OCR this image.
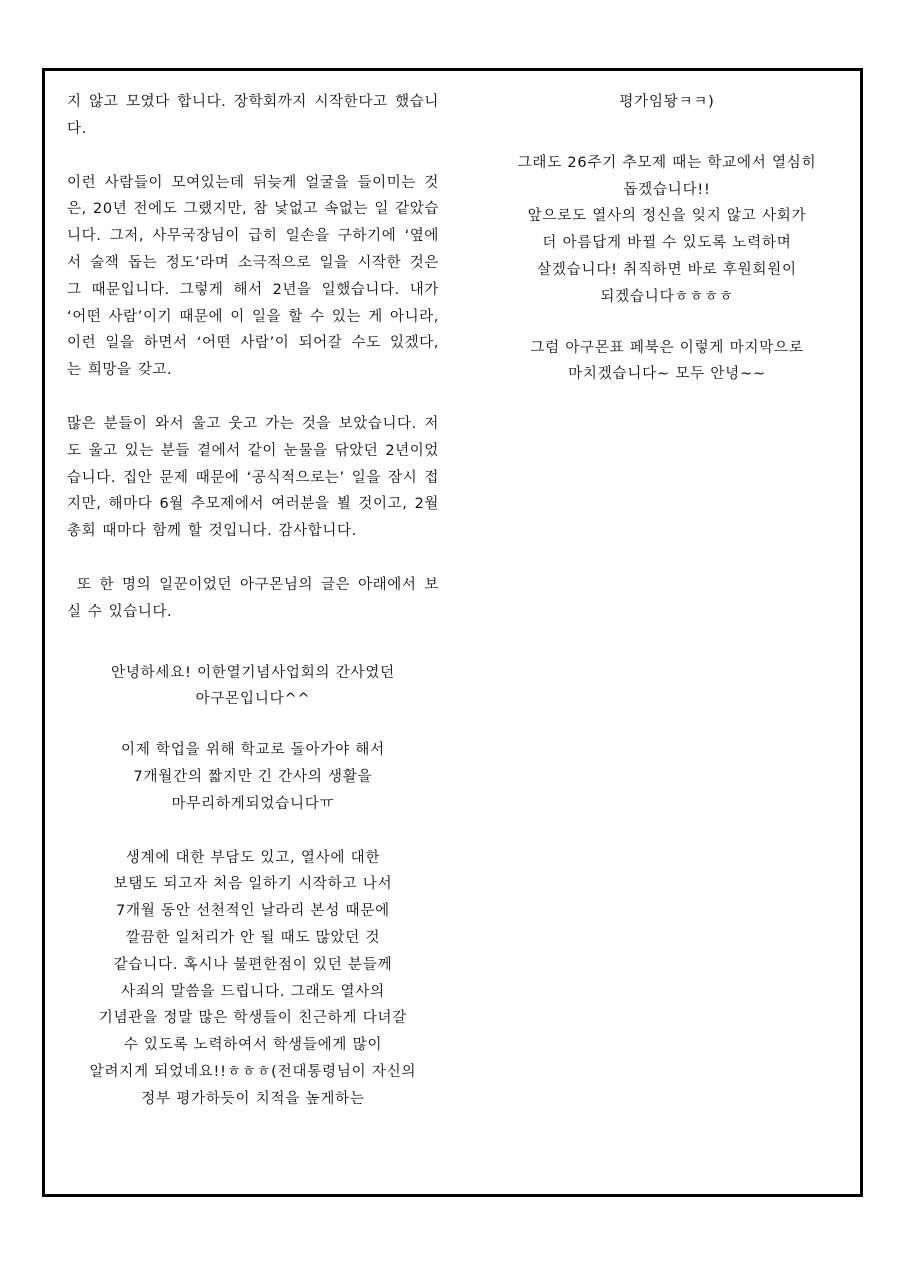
지 않고 모였다 합니다. 장학회까지 시작한다고 했습니다.

이런 사람들이 모여있는데 뒤늦게 얼굴을 들이미는 것은, 20년 전에도 그랬지만, 참 낯없고 속없는 일 같았습니다. 그저, 사무국장님이 급히 일손을 구하기에 ‘옆에서 술잭 돕는 정도’라며 소극적으로 일을 시작한 것은 그 때문입니다. 그렇게 해서 2년을 일했습니다. 내가 ‘어떤 사람’이기 때문에 이 일을 할 수 있는 게 아니라, 이런 일을 하면서 ‘어떤 사람’이 되어갈 수도 있겠다, 는 희망을 갖고.

많은 분들이 와서 울고 웃고 가는 것을 보았습니다. 저도 울고 있는 분들 곁에서 같이 눈물을 닦았던 2년이었습니다. 집안 문제 때문에 ‘공식적으로는’ 일을 잠시 접지만, 해마다 6월 추모제에서 여러분을 뵐 것이고, 2월 총회 때마다 함께 할 것입니다. 감사합니다.

또 한 명의 일꾼이었던 아구몬님의 글은 아래에서 보실 수 있습니다.

안녕하세요! 이한열기념사업회의 간사였던
아구몬입니다^^

이제 학업을 위해 학교로 돌아가야 해서
7개월간의 짧지만 긴 간사의 생활을
마무리하게되었습니다ㅠ

생계에 대한 부담도 있고, 열사에 대한
보탬도 되고자 처음 일하기 시작하고 나서
7개월 동안 선천적인 날라리 본성 때문에
깔끔한 일처리가 안 될 때도 많았던 것
같습니다. 혹시나 불편한점이 있던 분들께
사죄의 말씀을 드립니다. 그래도 열사의
기념관을 정말 많은 학생들이 친근하게 다녀갈
수 있도록 노력하여서 학생들에게 많이
알려지게 되었네요!!ㅎㅎㅎ(전대통령님이 자신의
정부 평가하듯이 치적을 높게하는

평가임돵ㅋㅋ)

그래도 26주기 추모제 때는 학교에서 열심히
돕겠습니다!!
앞으로도 열사의 정신을 잊지 않고 사회가
더 아름답게 바뀔 수 있도록 노력하며
살겠습니다! 취직하면 바로 후원회원이
되겠습니다ㅎㅎㅎㅎ

그럼 아구몬표 페북은 이렇게 마지막으로
마치겠습니다~ 모두 안녕~~
